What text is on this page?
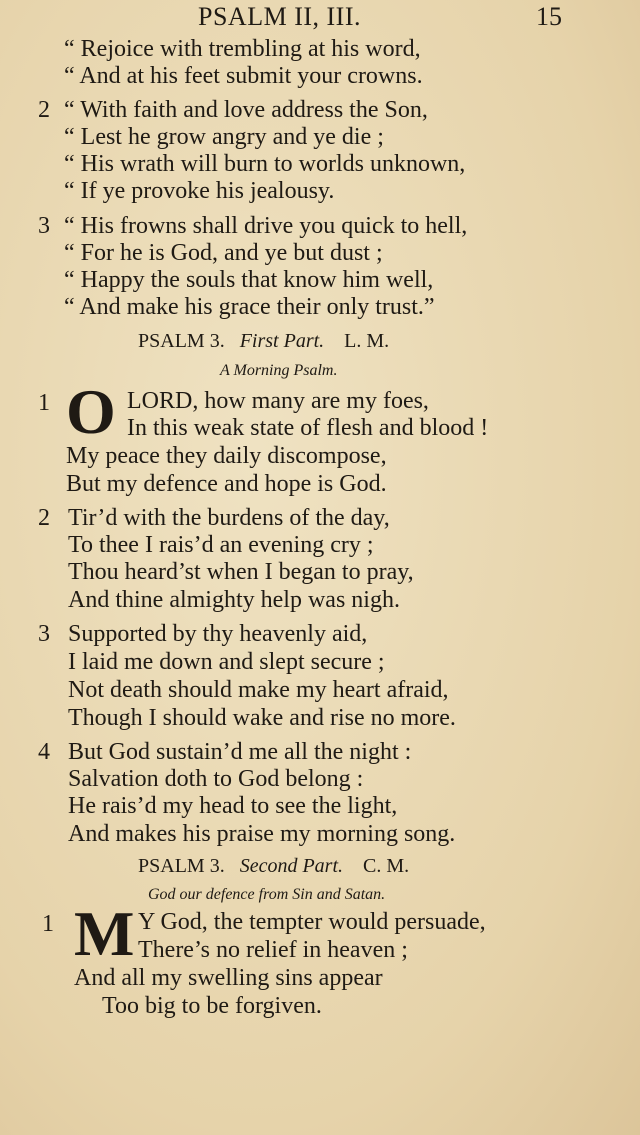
PSALM II, III.	15
“ Rejoice with trembling at his word,
“ And at his feet submit your crowns.
2 “ With faith and love address the Son,
“ Lest he grow angry and ye die ;
“ His wrath will burn to worlds unknown,
“ If ye provoke his jealousy.
3 “ His frowns shall drive you quick to hell,
“ For he is God, and ye but dust ;
“ Happy the souls that know him well,
“ And make his grace their only trust.”
PSALM 3. First Part. L. M.
A Morning Psalm.
1 O LORD, how many are my foes,
In this weak state of flesh and blood !
My peace they daily discompose,
But my defence and hope is God.
2 Tir’d with the burdens of the day,
To thee I rais’d an evening cry ;
Thou heard’st when I began to pray,
And thine almighty help was nigh.
3 Supported by thy heavenly aid,
I laid me down and slept secure ;
Not death should make my heart afraid,
Though I should wake and rise no more.
4 But God sustain’d me all the night :
Salvation doth to God belong :
He rais’d my head to see the light,
And makes his praise my morning song.
PSALM 3. Second Part. C. M.
God our defence from Sin and Satan.
1 M Y God, the tempter would persuade,
There’s no relief in heaven ;
And all my swelling sins appear
Too big to be forgiven.
